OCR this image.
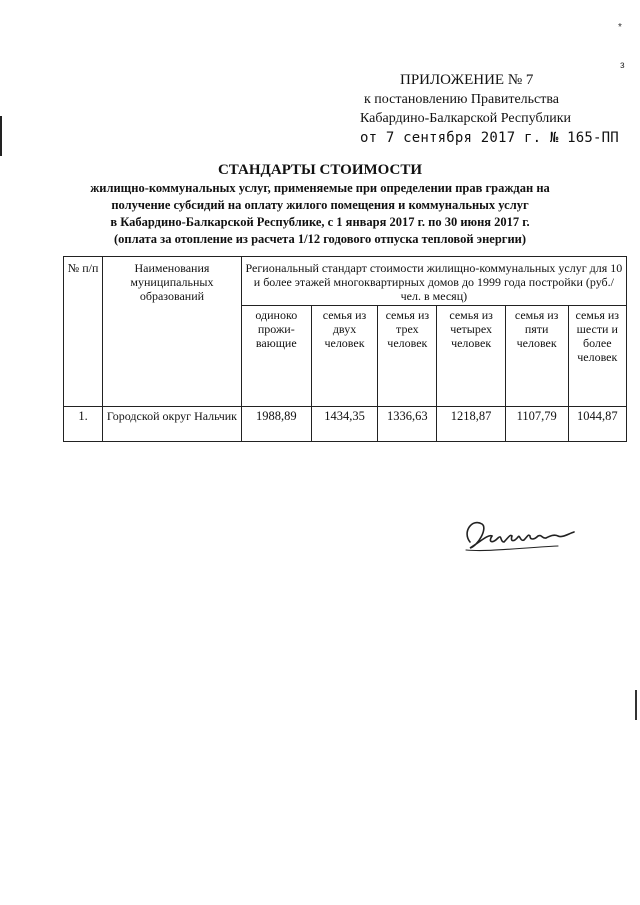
*
з
ПРИЛОЖЕНИЕ № 7
к постановлению Правительства
Кабардино-Балкарской Республики
от 7 сентября 2017 г. № 165-ПП
СТАНДАРТЫ СТОИМОСТИ
жилищно-коммунальных услуг, применяемые при определении прав граждан на
получение субсидий на оплату жилого помещения и коммунальных услуг
в Кабардино-Балкарской Республике, с 1 января 2017 г. по 30 июня 2017 г.
(оплата за отопление из расчета 1/12 годового отпуска тепловой энергии)
№ п/п	Наименования муниципальных образований	Региональный стандарт стоимости жилищно-коммунальных услуг для 10 и более этажей многоквартирных домов до 1999 года постройки (руб./чел. в месяц)					
		одиноко прожи-вающие	семья из двух человек	семья из трех человек	семья из четырех человек	семья из пяти человек	семья из шести и более человек
1.	Городской округ Нальчик	1988,89	1434,35	1336,63	1218,87	1107,79	1044,87
